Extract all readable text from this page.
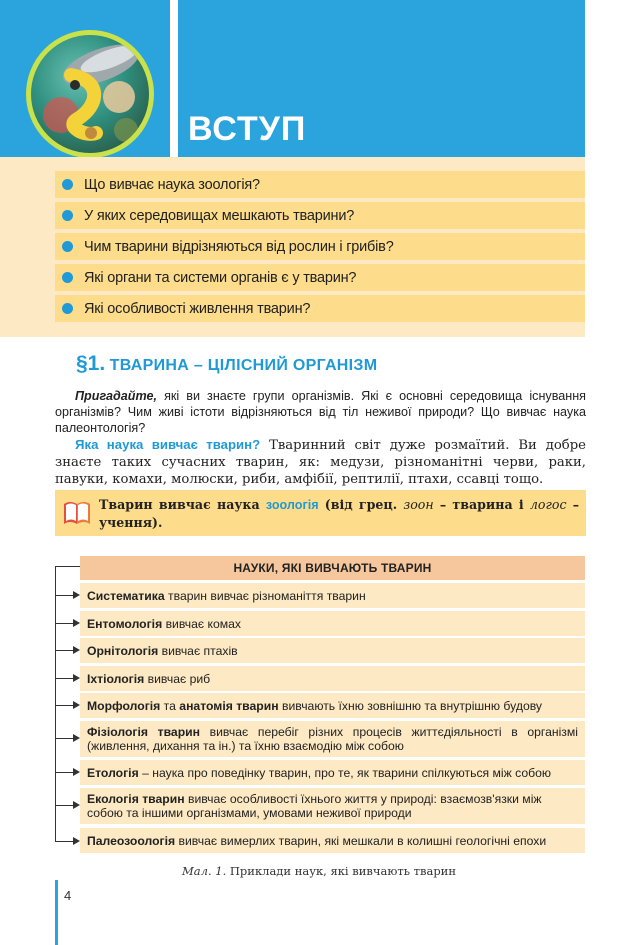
ВСТУП
Що вивчає наука зоологія?
У яких середовищах мешкають тварини?
Чим тварини відрізняються від рослин і грибів?
Які органи та системи органів є у тварин?
Які особливості живлення тварин?
§1. ТВАРИНА – ЦІЛІСНИЙ ОРГАНІЗМ
Пригадайте, які ви знаєте групи організмів. Які є основні середовища існування організмів? Чим живі істоти відрізняються від тіл неживої природи? Що вивчає наука палеонтологія?
Яка наука вивчає тварин? Тваринний світ дуже розмаїтий. Ви добре знаєте таких сучасних тварин, як: медузи, різноманітні черви, раки, павуки, комахи, молюски, риби, амфібії, рептилії, птахи, ссавці тощо.
Тварин вивчає наука зоологія (від грец. зоон – тварина і логос – учення).
НАУКИ, ЯКІ ВИВЧАЮТЬ ТВАРИН
Систематика тварин вивчає різноманіття тварин
Ентомологія вивчає комах
Орнітологія вивчає птахів
Іхтіологія вивчає риб
Морфологія та анатомія тварин вивчають їхню зовнішню та внутрішню будову
Фізіологія тварин вивчає перебіг різних процесів життєдіяльності в організмі (живлення, дихання та ін.) та їхню взаємодію між собою
Етологія – наука про поведінку тварин, про те, як тварини спілкуються між собою
Екологія тварин вивчає особливості їхнього життя у природі: взаємозв'язки між собою та іншими організмами, умовами неживої природи
Палеозоологія вивчає вимерлих тварин, які мешкали в колишні геологічні епохи
Мал. 1. Приклади наук, які вивчають тварин
4
